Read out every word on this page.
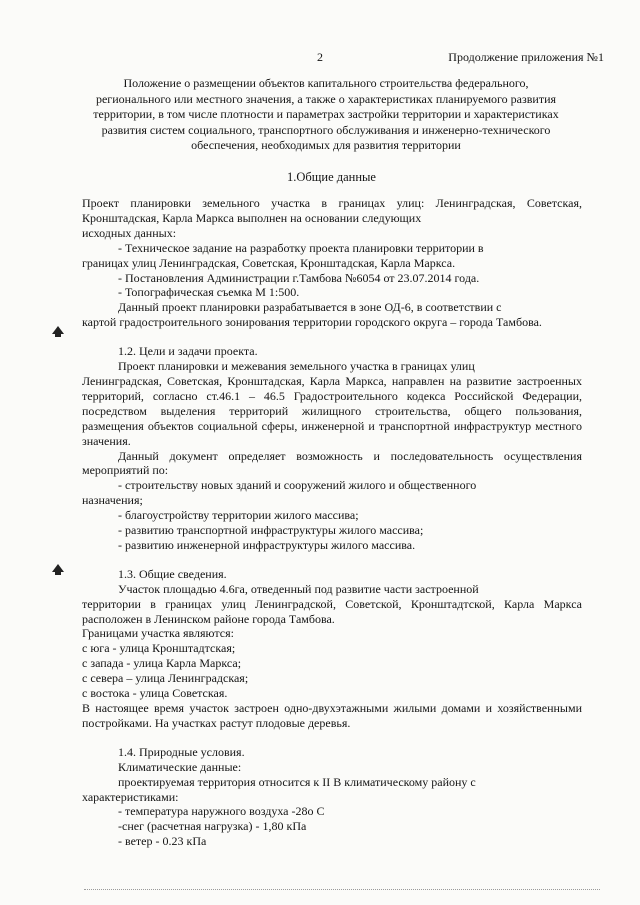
2	Продолжение приложения №1
Положение о размещении объектов капитального строительства федерального,
регионального или местного значения, а также о характеристиках планируемого развития
территории, в том числе плотности и параметрах застройки территории и характеристиках
развития систем социального, транспортного обслуживания и инженерно-технического
обеспечения, необходимых для развития территории
1.Общие данные

Проект планировки земельного участка в границах улиц: Ленинградская, Советская,

Кронштадская, Карла Маркса выполнен на основании следующих

исходных данных:

- Техническое задание на разработку проекта планировки территории в

границах улиц Ленинградская, Советская, Кронштадская, Карла Маркса.

- Постановления Администрации г.Тамбова №6054 от 23.07.2014 года.

- Топографическая съемка М 1:500.

Данный проект планировки разрабатывается в зоне ОД-6, в соответствии с

картой градостроительного зонирования территории городского округа – города Тамбова.

1.2. Цели и задачи проекта.

Проект планировки и межевания земельного участка в границах улиц

Ленинградская, Советская, Кронштадская, Карла Маркса, направлен на развитие застроенных территорий, согласно ст.46.1 – 46.5 Градостроительного кодекса Российской Федерации, посредством выделения территорий жилищного строительства, общего пользования, размещения объектов социальной сферы, инженерной и транспортной инфраструктур местного значения.

Данный документ определяет возможность и последовательность осуществления мероприятий по:

- строительству новых зданий и сооружений жилого и общественного

назначения;

- благоустройству территории жилого массива;

- развитию транспортной инфраструктуры жилого массива;

- развитию инженерной инфраструктуры жилого массива.

1.3. Общие сведения.

Участок площадью 4.6га, отведенный под развитие части застроенной

территории в границах улиц Ленинградской, Советской, Кронштадтской, Карла Маркса расположен в Ленинском районе города Тамбова.

Границами участка являются:

с юга - улица Кронштадтская;

с запада - улица Карла Маркса;

с севера – улица Ленинградская;

с востока - улица Советская.

В настоящее время участок застроен одно-двухэтажными жилыми домами и хозяйственными постройками. На участках растут плодовые деревья.

1.4. Природные условия.

Климатические данные:

проектируемая территория относится к II В климатическому району с

характеристиками:

- температура наружного воздуха -28о С

-снег (расчетная нагрузка) - 1,80 кПа

- ветер - 0.23 кПа
